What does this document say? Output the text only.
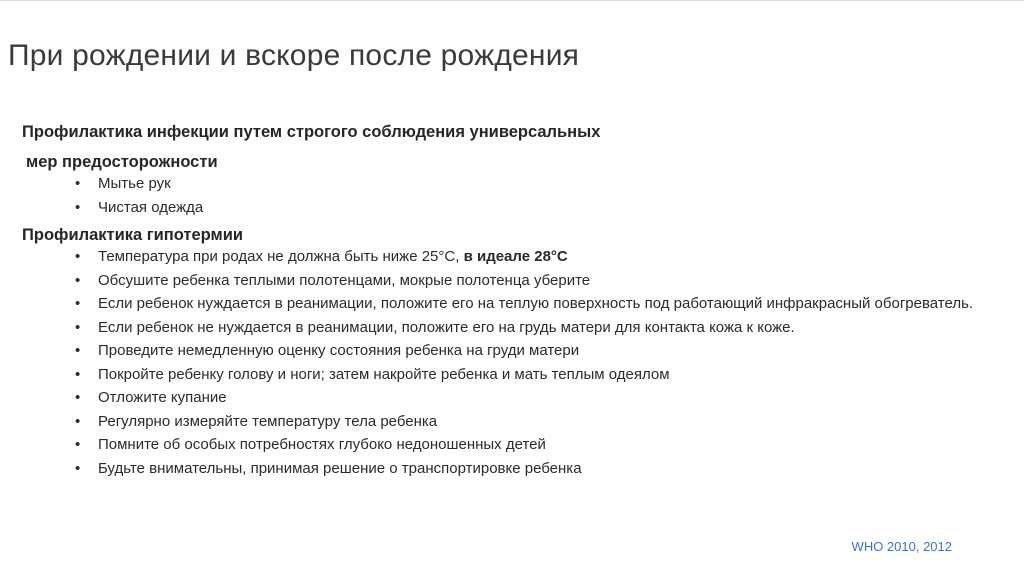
При рождении и вскоре после рождения
Профилактика инфекции путем строгого соблюдения универсальных
мер предосторожности
• Мытье рук
• Чистая одежда
Профилактика гипотермии
• Температура при родах не должна быть ниже 25°C, в идеале 28°C
• Обсушите ребенка теплыми полотенцами, мокрые полотенца уберите
• Если ребенок нуждается в реанимации, положите его на теплую поверхность под работающий инфракрасный обогреватель.
• Если ребенок не нуждается в реанимации, положите его на грудь матери для контакта кожа к коже.
• Проведите немедленную оценку состояния ребенка на груди матери
• Покройте ребенку голову и ноги; затем накройте ребенка и мать теплым одеялом
• Отложите купание
• Регулярно измеряйте температуру тела ребенка
• Помните об особых потребностях глубоко недоношенных детей
• Будьте внимательны, принимая решение о транспортировке ребенка
WHO 2010, 2012
